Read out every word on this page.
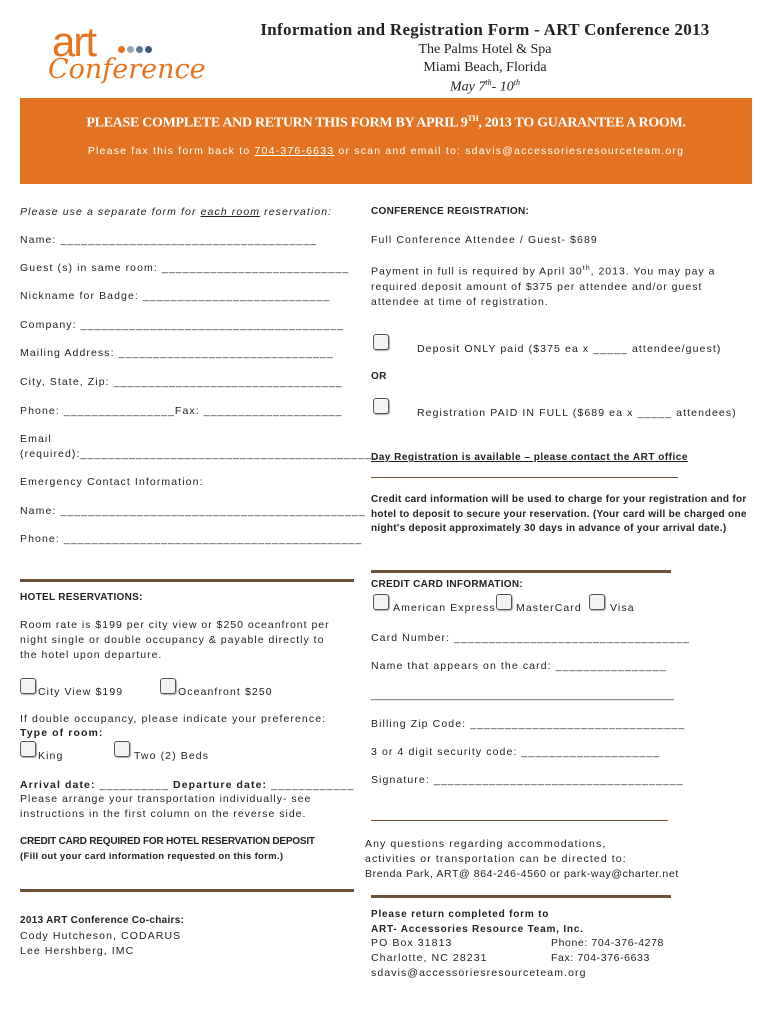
art
Conference
Information and Registration Form - ART Conference 2013
The Palms Hotel & Spa
Miami Beach, Florida
May 7th- 10th
PLEASE COMPLETE AND RETURN THIS FORM BY APRIL 9TH, 2013 TO GUARANTEE A ROOM.
Please fax this form back to 704-376-6633 or scan and email to: sdavis@accessoriesresourceteam.org
Please use a separate form for each room reservation:
Name: _____________________________________
Guest (s) in same room: ___________________________
Nickname for Badge: ___________________________
Company: ______________________________________
Mailing Address: _______________________________
City, State, Zip: _________________________________
Phone: ________________Fax: ____________________
Email
(required):___________________________________________
Emergency Contact Information:
Name: ____________________________________________
Phone: ___________________________________________
HOTEL RESERVATIONS:
Room rate is $199 per city view or $250 oceanfront per night single or double occupancy & payable directly to the hotel upon departure.
City View $199	Oceanfront $250
If double occupancy, please indicate your preference:
Type of room:
King	Two (2) Beds
Arrival date: __________ Departure date: ____________
Please arrange your transportation individually- see instructions in the first column on the reverse side.
CREDIT CARD REQUIRED FOR HOTEL RESERVATION DEPOSIT
(Fill out your card information requested on this form.)
2013 ART Conference Co-chairs:
Cody Hutcheson, CODARUS
Lee Hershberg, IMC
CONFERENCE REGISTRATION:
Full Conference Attendee / Guest- $689
Payment in full is required by April 30th, 2013. You may pay a required deposit amount of $375 per attendee and/or guest attendee at time of registration.
Deposit ONLY paid ($375 ea x _____ attendee/guest)
OR
Registration PAID IN FULL ($689 ea x _____ attendees)
Day Registration is available – please contact the ART office
Credit card information will be used to charge for your registration and for hotel to deposit to secure your reservation. (Your card will be charged one night's deposit approximately 30 days in advance of your arrival date.)
CREDIT CARD INFORMATION:
American Express MasterCard	Visa
Card Number: __________________________________
Name that appears on the card: ________________
___________________________________________________
Billing Zip Code: _______________________________
3 or 4 digit security code: ____________________
Signature: ____________________________________
Any questions regarding accommodations,
activities or transportation can be directed to:
Brenda Park, ART@ 864-246-4560 or park-way@charter.net
Please return completed form to
ART- Accessories Resource Team, Inc.
PO Box 31813	Phone: 704-376-4278
Charlotte, NC 28231	Fax: 704-376-6633
sdavis@accessoriesresourceteam.org
